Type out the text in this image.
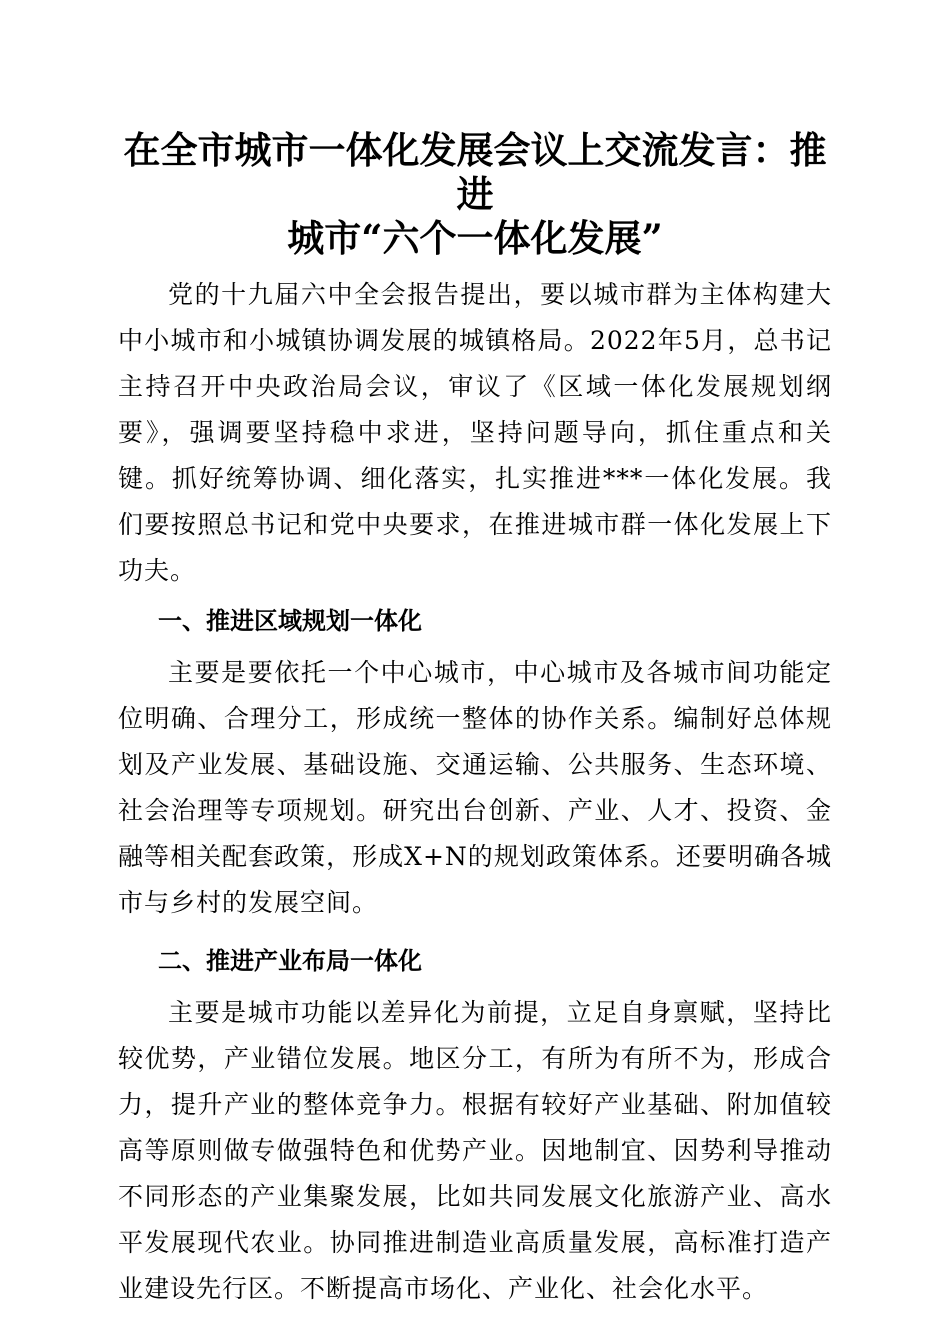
在全市城市一体化发展会议上交流发言：推进
城市“六个一体化发展”

党的十九届六中全会报告提出，要以城市群为主体构建大中小城市和小城镇协调发展的城镇格局。2022年5月，总书记主持召开中央政治局会议，审议了《区域一体化发展规划纲要》，强调要坚持稳中求进，坚持问题导向，抓住重点和关键。抓好统筹协调、细化落实，扎实推进***一体化发展。我们要按照总书记和党中央要求，在推进城市群一体化发展上下功夫。

一、推进区域规划一体化

主要是要依托一个中心城市，中心城市及各城市间功能定位明确、合理分工，形成统一整体的协作关系。编制好总体规划及产业发展、基础设施、交通运输、公共服务、生态环境、社会治理等专项规划。研究出台创新、产业、人才、投资、金融等相关配套政策，形成X+N的规划政策体系。还要明确各城市与乡村的发展空间。

二、推进产业布局一体化

主要是城市功能以差异化为前提，立足自身禀赋，坚持比较优势，产业错位发展。地区分工，有所为有所不为，形成合力，提升产业的整体竞争力。根据有较好产业基础、附加值较高等原则做专做强特色和优势产业。因地制宜、因势利导推动不同形态的产业集聚发展，比如共同发展文化旅游产业、高水平发展现代农业。协同推进制造业高质量发展，高标准打造产业建设先行区。不断提高市场化、产业化、社会化水平。
